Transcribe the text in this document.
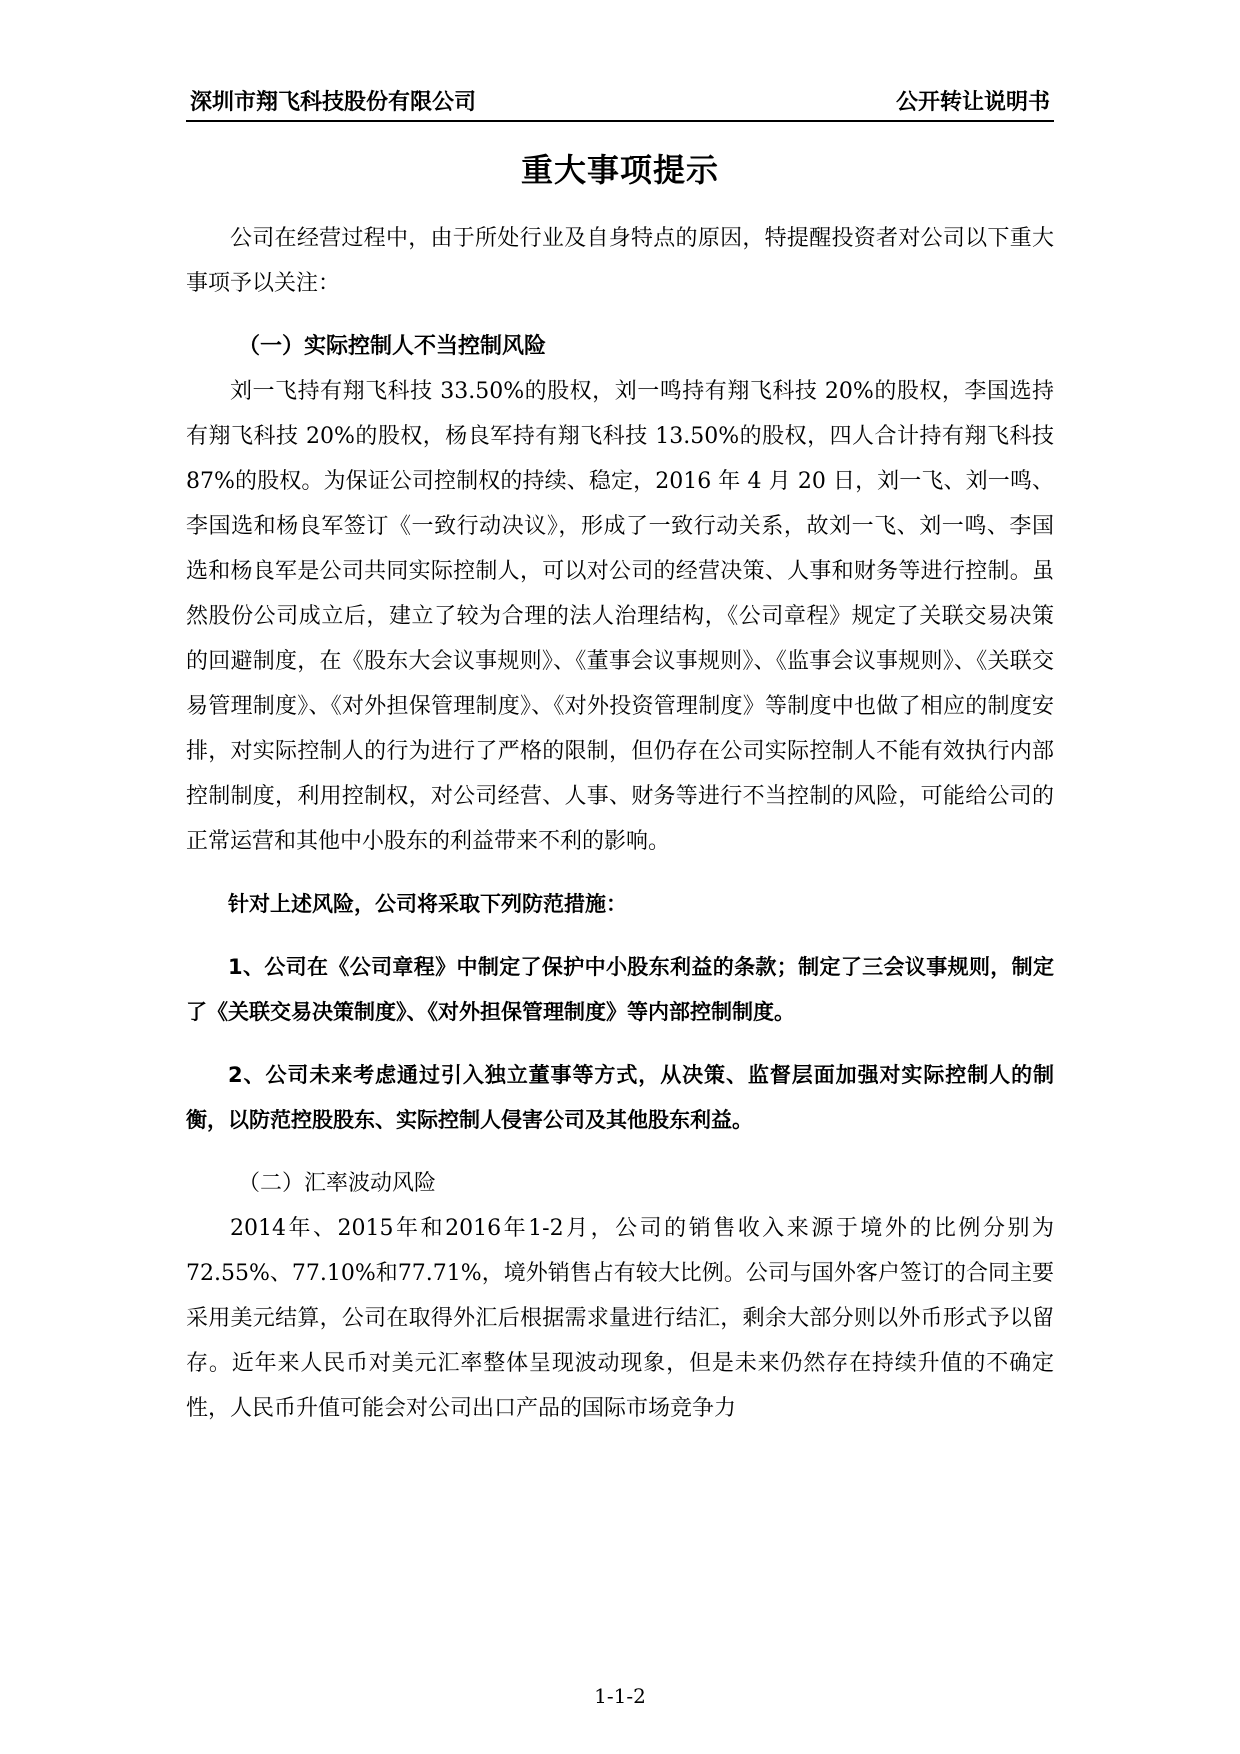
深圳市翔飞科技股份有限公司	公开转让说明书
重大事项提示

公司在经营过程中，由于所处行业及自身特点的原因，特提醒投资者对公司以下重大事项予以关注：

（一）实际控制人不当控制风险

刘一飞持有翔飞科技 33.50%的股权，刘一鸣持有翔飞科技 20%的股权，李国选持有翔飞科技 20%的股权，杨良军持有翔飞科技 13.50%的股权，四人合计持有翔飞科技 87%的股权。为保证公司控制权的持续、稳定，2016 年 4 月 20 日，刘一飞、刘一鸣、李国选和杨良军签订《一致行动决议》，形成了一致行动关系，故刘一飞、刘一鸣、李国选和杨良军是公司共同实际控制人，可以对公司的经营决策、人事和财务等进行控制。虽然股份公司成立后，建立了较为合理的法人治理结构，《公司章程》规定了关联交易决策的回避制度，在《股东大会议事规则》、《董事会议事规则》、《监事会议事规则》、《关联交易管理制度》、《对外担保管理制度》、《对外投资管理制度》等制度中也做了相应的制度安排，对实际控制人的行为进行了严格的限制，但仍存在公司实际控制人不能有效执行内部控制制度，利用控制权，对公司经营、人事、财务等进行不当控制的风险，可能给公司的正常运营和其他中小股东的利益带来不利的影响。

针对上述风险，公司将采取下列防范措施：

1、公司在《公司章程》中制定了保护中小股东利益的条款；制定了三会议事规则，制定了《关联交易决策制度》、《对外担保管理制度》等内部控制制度。

2、公司未来考虑通过引入独立董事等方式，从决策、监督层面加强对实际控制人的制衡，以防范控股股东、实际控制人侵害公司及其他股东利益。

（二）汇率波动风险

2014年、2015年和2016年1-2月，公司的销售收入来源于境外的比例分别为72.55%、77.10%和77.71%，境外销售占有较大比例。公司与国外客户签订的合同主要采用美元结算，公司在取得外汇后根据需求量进行结汇，剩余大部分则以外币形式予以留存。近年来人民币对美元汇率整体呈现波动现象，但是未来仍然存在持续升值的不确定性，人民币升值可能会对公司出口产品的国际市场竞争力

1-1-2
